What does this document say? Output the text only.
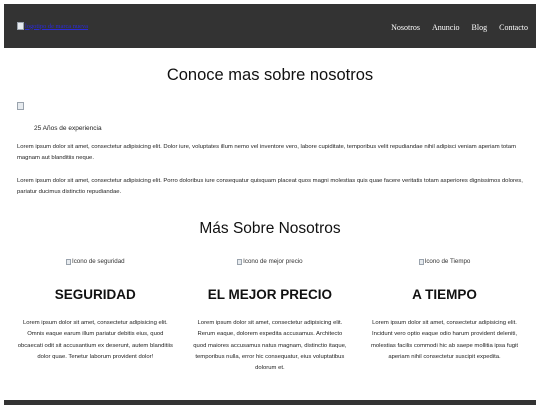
logotipo de marca nueva	Nosotros Anuncio Blog Contacto
Conoce mas sobre nosotros

25 Años de experiencia

Lorem ipsum dolor sit amet, consectetur adipisicing elit. Dolor iure, voluptates illum nemo vel inventore vero, labore cupiditate, temporibus velit repudiandae nihil adipisci veniam aperiam totam magnam aut blanditiis neque.

Lorem ipsum dolor sit amet, consectetur adipisicing elit. Porro doloribus iure consequatur quisquam placeat quos magni molestias quis quae facere veritatis totam asperiores dignissimos dolores, pariatur ducimus distinctio repudiandae.

Más Sobre Nosotros
Icono de seguridad
SEGURIDAD

Lorem ipsum dolor sit amet, consectetur adipisicing elit. Omnis eaque earum illum pariatur debitis eius, quod obcaecati odit sit accusantium ex deserunt, autem blanditiis dolor quae. Tenetur laborum provident dolor!

Icono de mejor precio
EL MEJOR PRECIO

Lorem ipsum dolor sit amet, consectetur adipisicing elit. Rerum eaque, dolorem expedita accusamus. Architecto quod maiores accusamus natus magnam, distinctio itaque, temporibus nulla, error hic consequatur, eius voluptatibus dolorum et.

Icono de Tiempo
A TIEMPO

Lorem ipsum dolor sit amet, consectetur adipisicing elit. Incidunt vero optio eaque odio harum provident deleniti, molestias facilis commodi hic ab saepe mollitia ipsa fugit aperiam nihil consectetur suscipit expedita.
